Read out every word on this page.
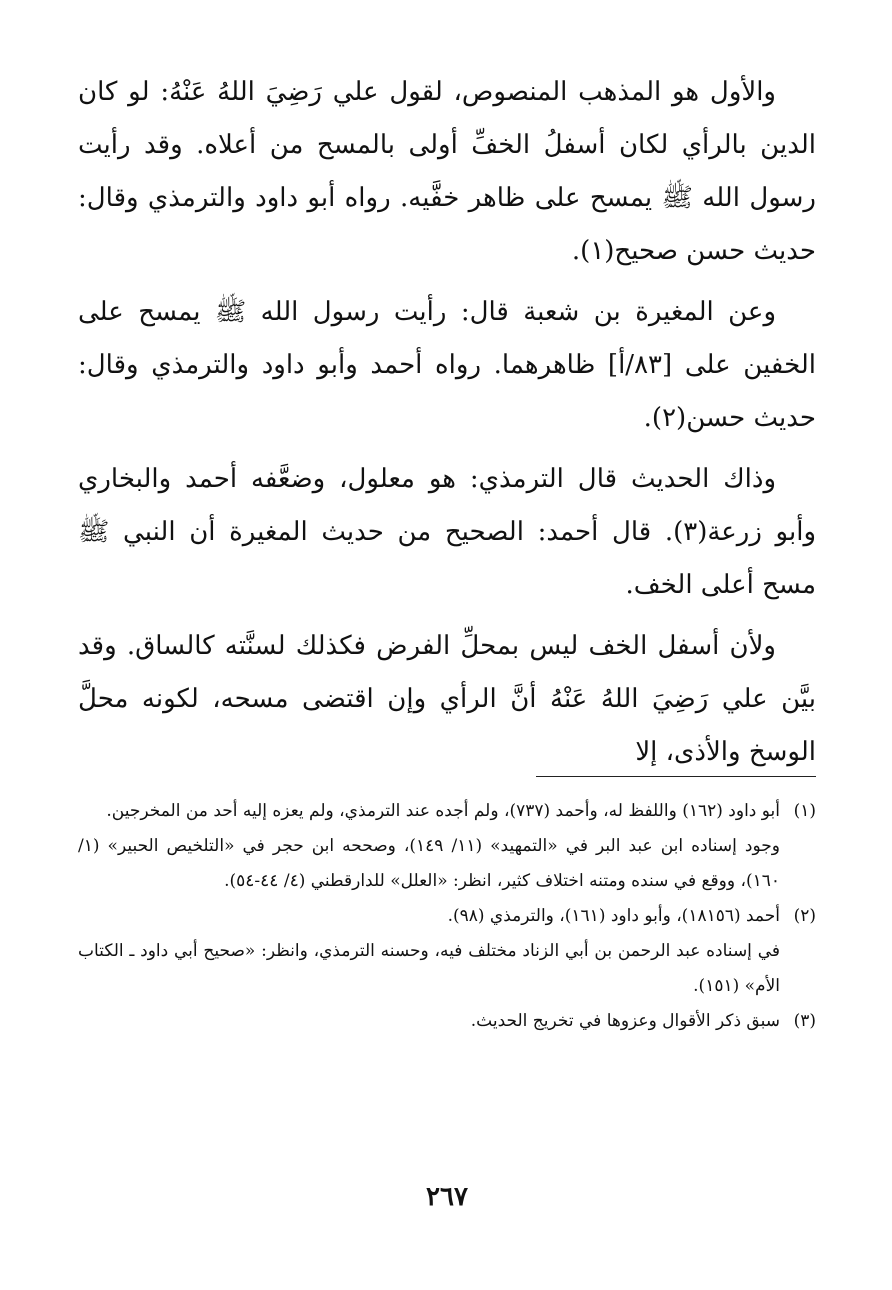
والأول هو المذهب المنصوص، لقول علي رَضِيَ اللهُ عَنْهُ: لو كان الدين بالرأي لكان أسفلُ الخفِّ أولى بالمسح من أعلاه. وقد رأيت رسول الله ﷺ يمسح على ظاهر خفَّيه. رواه أبو داود والترمذي وقال: حديث حسن صحيح(١).

وعن المغيرة بن شعبة قال: رأيت رسول الله ﷺ يمسح على الخفين على [٨٣/أ] ظاهرهما. رواه أحمد وأبو داود والترمذي وقال: حديث حسن(٢).

وذاك الحديث قال الترمذي: هو معلول، وضعَّفه أحمد والبخاري وأبو زرعة(٣). قال أحمد: الصحيح من حديث المغيرة أن النبي ﷺ مسح أعلى الخف.

ولأن أسفل الخف ليس بمحلِّ الفرض فكذلك لسنَّته كالساق. وقد بيَّن علي رَضِيَ اللهُ عَنْهُ أنَّ الرأي وإن اقتضى مسحه، لكونه محلَّ الوسخ والأذى، إلا

(١)
أبو داود (١٦٢) واللفظ له، وأحمد (٧٣٧)، ولم أجده عند الترمذي، ولم يعزه إليه أحد من المخرجين.
وجود إسناده ابن عبد البر في «التمهيد» (١١/ ١٤٩)، وصححه ابن حجر في «التلخيص الحبير» (١/ ١٦٠)، ووقع في سنده ومتنه اختلاف كثير، انظر: «العلل» للدارقطني (٤/ ٤٤-٥٤).
(٢)
أحمد (١٨١٥٦)، وأبو داود (١٦١)، والترمذي (٩٨).
في إسناده عبد الرحمن بن أبي الزناد مختلف فيه، وحسنه الترمذي، وانظر: «صحيح أبي داود ـ الكتاب الأم» (١٥١).
(٣)
سبق ذكر الأقوال وعزوها في تخريج الحديث.
٢٦٧
